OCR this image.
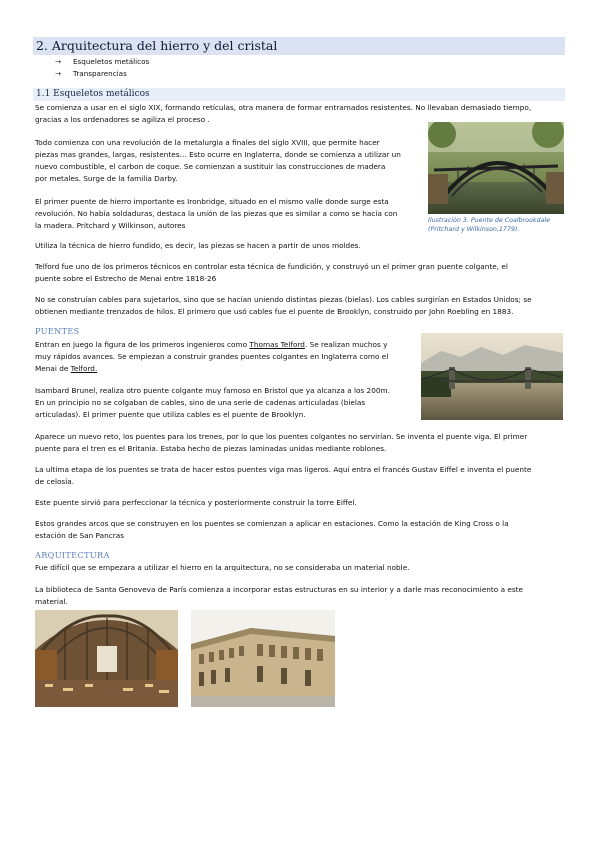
2. Arquitectura del hierro y del cristal
→ Esqueletos metálicos
→ Transparencias
1.1 Esqueletos metálicos
Se comienza a usar en el siglo XIX, formando retículas, otra manera de formar entramados resistentes. No llevaban demasiado tiempo,
gracias a los ordenadores se agiliza el proceso .
Todo comienza con una revolución de la metalurgia a finales del siglo XVIII, que permite hacer
piezas mas grandes, largas, resistentes… Esto ocurre en Inglaterra, donde se comienza a utilizar un
nuevo combustible, el carbon de coque. Se comienzan a sustituir las construcciones de madera
por metales. Surge de la familia Darby.
El primer puente de hierro importante es Ironbridge, situado en el mismo valle donde surge esta
revolución. No había soldaduras, destaca la unión de las piezas que es similar a como se hacía con
la madera. Pritchard y Wilkinson, autores
Utiliza la técnica de hierro fundido, es decir, las piezas se hacen a partir de unos moldes.
Telford fue uno de los primeros técnicos en controlar esta técnica de fundición, y construyó un el primer gran puente colgante, el
puente sobre el Estrecho de Menai entre 1818-26
No se construían cables para sujetarlos, sino que se hacían uniendo distintas piezas (bielas). Los cables surgirían en Estados Unidos; se
obtienen mediante trenzados de hilos. El primero que usó cables fue el puente de Brooklyn, construido por John Roebling en 1883.
PUENTES
Entran en juego la figura de los primeros ingenieros como Thomas Telford. Se realizan muchos y
muy rápidos avances. Se empiezan a construir grandes puentes colgantes en Inglaterra como el
Menai de Telford.
Isambard Brunel, realiza otro puente colgante muy famoso en Bristol que ya alcanza a los 200m.
En un principio no se colgaban de cables, sino de una serie de cadenas articuladas (bielas
articuladas). El primer puente que utiliza cables es el puente de Brooklyn.
Aparece un nuevo reto, los puentes para los trenes, por lo que los puentes colgantes no servirían. Se inventa el puente viga. El primer
puente para el tren es el Britania. Estaba hecho de piezas laminadas unidas mediante roblones.
La ultima etapa de los puentes se trata de hacer estos puentes viga mas ligeros. Aquí entra el francés Gustav Eiffel e inventa el puente
de celosía.
Este puente sirvió para perfeccionar la técnica y posteriormente construir la torre Eiffel.
Estos grandes arcos que se construyen en los puentes se comienzan a aplicar en estaciones. Como la estación de King Cross o la
estación de San Pancras
ARQUITECTURA
Fue difícil que se empezara a utilizar el hierro en la arquitectura, no se consideraba un material noble.
La biblioteca de Santa Genoveva de París comienza a incorporar estas estructuras en su interior y a darle mas reconocimiento a este
material.
Ilustración 3. Puente de Coalbrookdale
(Pritchard y Wilkinson,1779).
